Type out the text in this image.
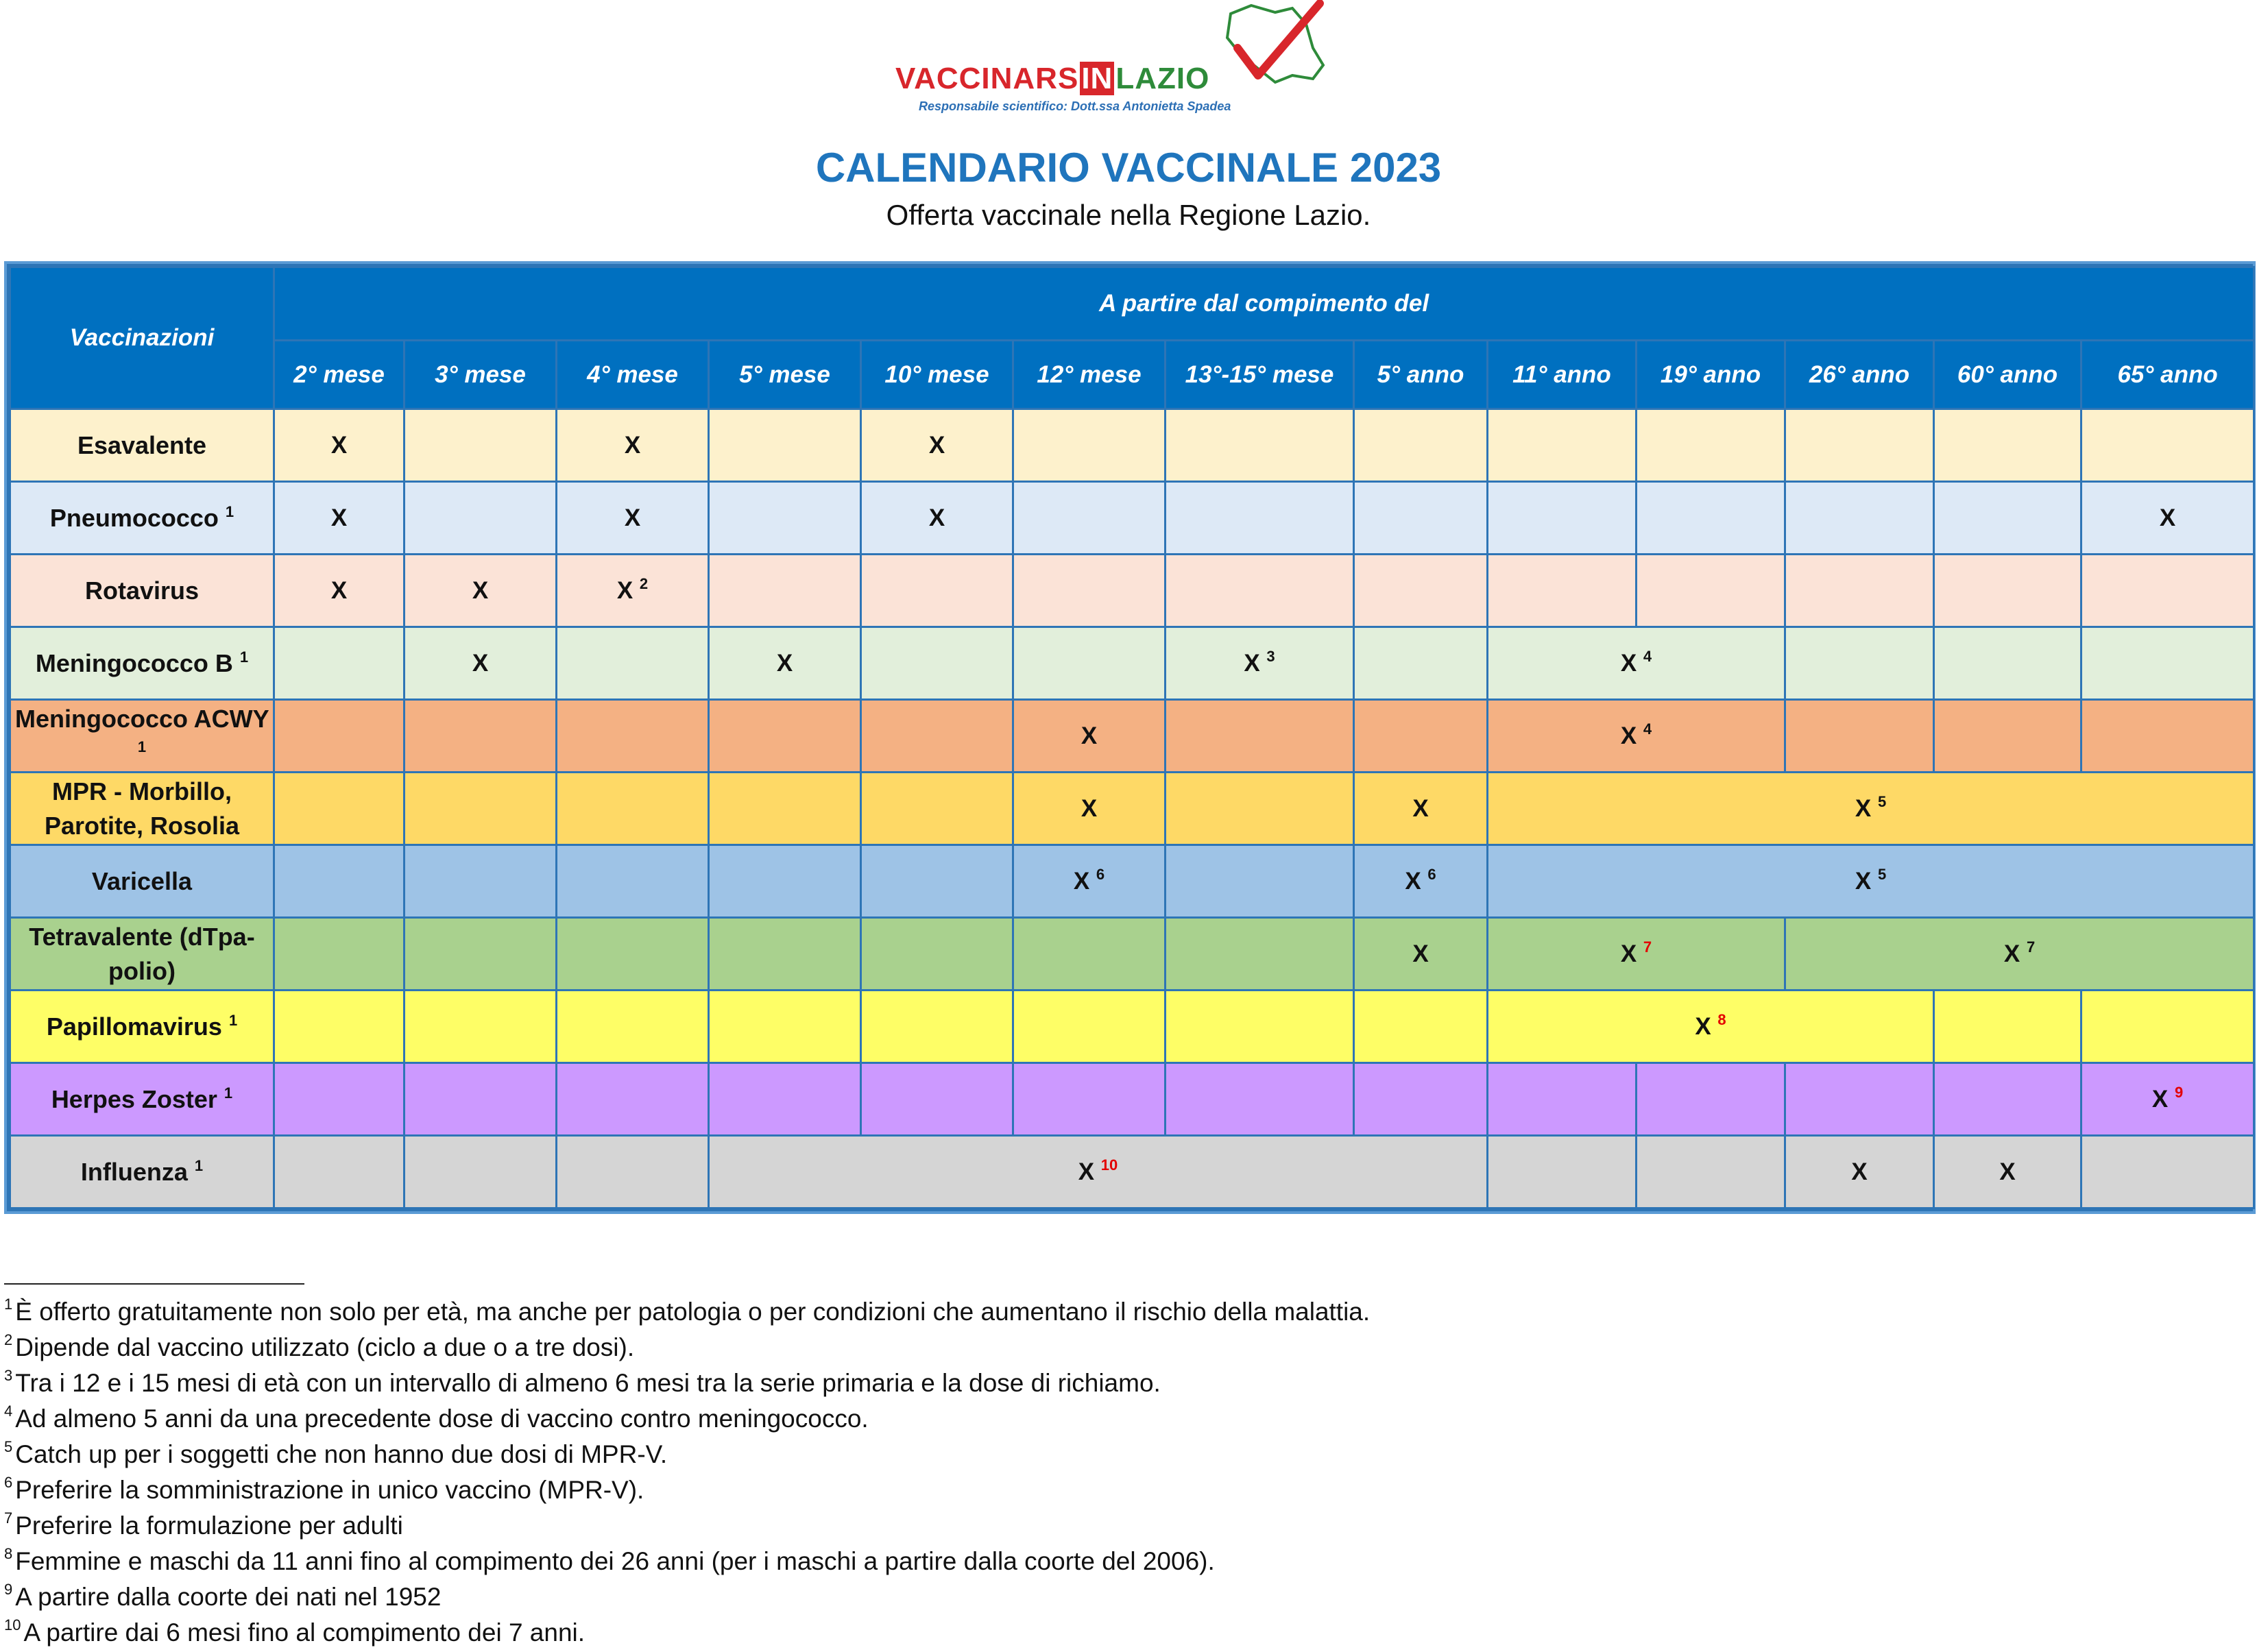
VACCINARSINLAZIO
Responsabile scientifico: Dott.ssa Antonietta Spadea
CALENDARIO VACCINALE 2023
Offerta vaccinale nella Regione Lazio.
Vaccinazioni	A partire dal compimento del												
	2° mese	3° mese	4° mese	5° mese	10° mese	12° mese	13°-15° mese	5° anno	11° anno	19° anno	26° anno	60° anno	65° anno
Esavalente	X		X		X								
Pneumococco $^1$	X		X		X								X
Rotavirus	X	X	X $^2$										
Meningococco B $^1$		X		X			X $^3$		X $^4$			
Meningococco ACWY $^1$						X			X $^4$			
MPR - Morbillo, Parotite, Rosolia						X		X	X $^5$
Varicella						X $^6$		X $^6$	X $^5$
Tetravalente (dTpa-polio)								X	X $^7$		X $^7$
Papillomavirus $^1$									X $^8$		
Herpes Zoster $^1$													X $^9$
Influenza $^1$				X $^{10}$							X	X	
$^1$ È offerto gratuitamente non solo per età, ma anche per patologia o per condizioni che aumentano il rischio della malattia.
$^2$ Dipende dal vaccino utilizzato (ciclo a due o a tre dosi).
$^3$ Tra i 12 e i 15 mesi di età con un intervallo di almeno 6 mesi tra la serie primaria e la dose di richiamo.
$^4$ Ad almeno 5 anni da una precedente dose di vaccino contro meningococco.
$^5$ Catch up per i soggetti che non hanno due dosi di MPR-V.
$^6$ Preferire la somministrazione in unico vaccino (MPR-V).
$^7$ Preferire la formulazione per adulti
$^8$ Femmine e maschi da 11 anni fino al compimento dei 26 anni (per i maschi a partire dalla coorte del 2006).
$^9$ A partire dalla coorte dei nati nel 1952
$^{10}$ A partire dai 6 mesi fino al compimento dei 7 anni.
